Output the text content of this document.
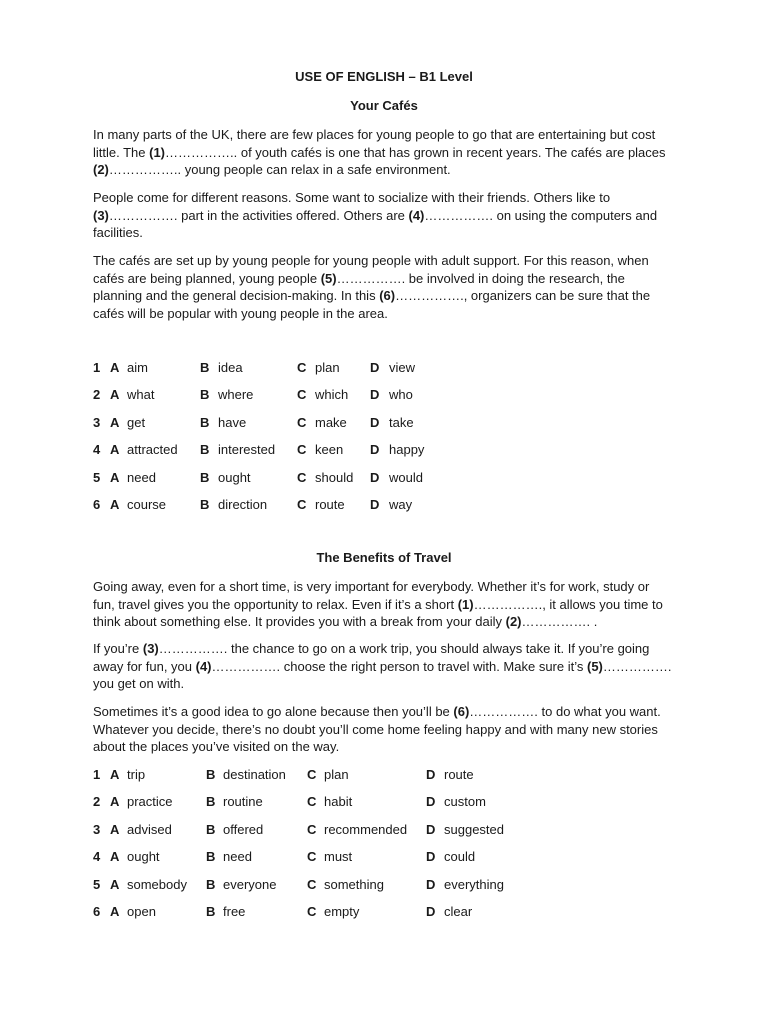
USE OF ENGLISH – B1 Level
Your Cafés
The Benefits of Travel

In many parts of the UK, there are few places for young people to go that are entertaining but cost little. The (1)…………….. of youth cafés is one that has grown in recent years. The cafés are places (2)…………….. young people can relax in a safe environment.

People come for different reasons. Some want to socialize with their friends. Others like to (3)……………. part in the activities offered. Others are (4)……………. on using the computers and facilities.

The cafés are set up by young people for young people with adult support. For this reason, when cafés are being planned, young people (5)……………. be involved in doing the research, the planning and the general decision-making. In this (6)……………., organizers can be sure that the cafés will be popular with young people in the area.

1 A aim	B idea	C plan D view
2 A what	B where	C which D who
3 A get	B have	C make D take
4 A attracted B interested C keen D happy
5 A need	B ought	C should D would
6 A course	B direction C route D way

Going away, even for a short time, is very important for everybody. Whether it’s for work, study or fun, travel gives you the opportunity to relax. Even if it’s a short (1)……………., it allows you time to think about something else. It provides you with a break from your daily (2)……………. .

If you’re (3)……………. the chance to go on a work trip, you should always take it. If you’re going away for fun, you (4)……………. choose the right person to travel with. Make sure it’s (5)……………. you get on with.

Sometimes it’s a good idea to go alone because then you’ll be (6)……………. to do what you want. Whatever you decide, there’s no doubt you’ll come home feeling happy and with many new stories about the places you’ve visited on the way.

1 A trip	B destination C plan	D route
2 A practice	B routine	C habit	D custom
3 A advised	B offered	C recommended D suggested
4 A ought	B need	C must	D could
5 A somebody B everyone C something	D everything
6 A open	B free	C empty	D clear
